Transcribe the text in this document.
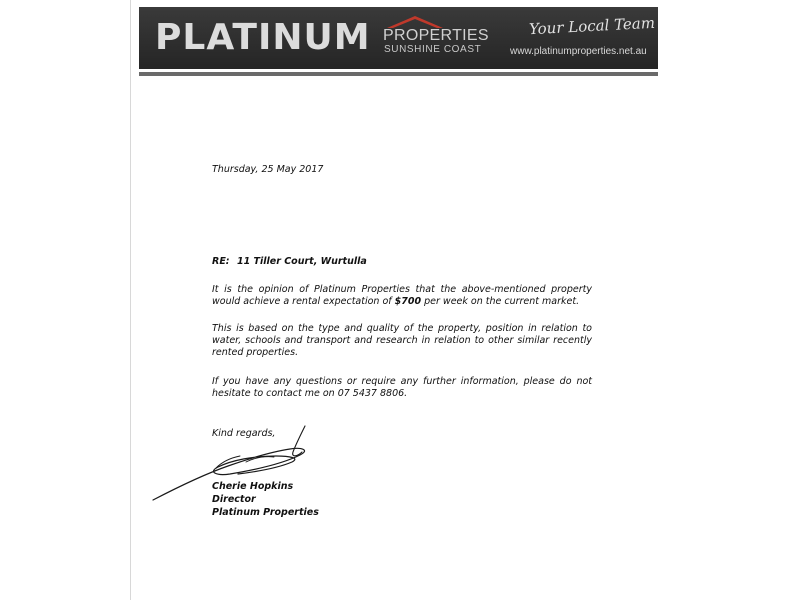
PLATINUM PROPERTIES
SUNSHINE COAST
Your Local Team
www.platinumproperties.net.au
Thursday, 25 May 2017
RE: 11 Tiller Court, Wurtulla
It is the opinion of Platinum Properties that the above-mentioned property would achieve a rental expectation of $700 per week on the current market.
This is based on the type and quality of the property, position in relation to water, schools and transport and research in relation to other similar recently rented properties.
If you have any questions or require any further information, please do not hesitate to contact me on 07 5437 8806.
Kind regards,
Cherie Hopkins
Director
Platinum Properties
